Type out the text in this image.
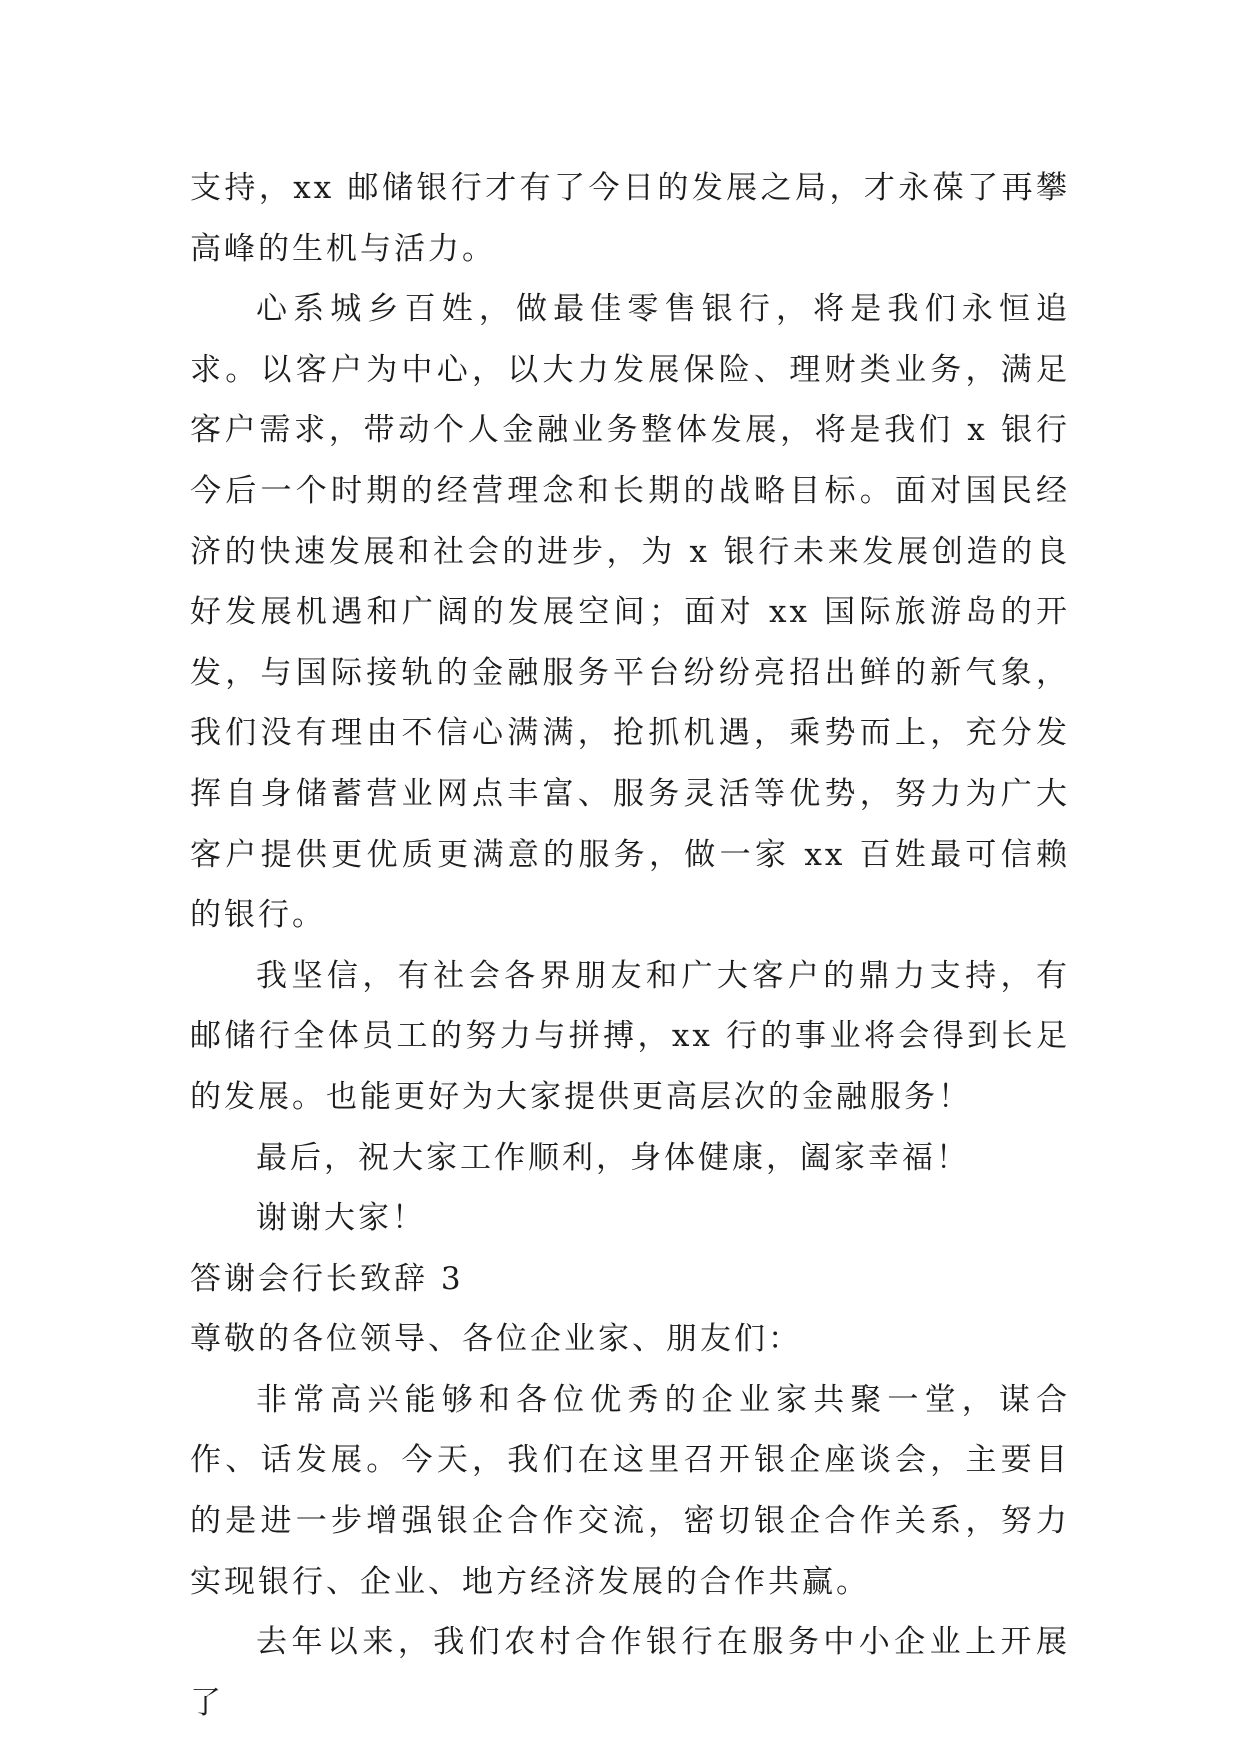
支持，xx 邮储银行才有了今日的发展之局，才永葆了再攀高峰的生机与活力。

心系城乡百姓，做最佳零售银行，将是我们永恒追求。以客户为中心，以大力发展保险、理财类业务，满足客户需求，带动个人金融业务整体发展，将是我们 x 银行今后一个时期的经营理念和长期的战略目标。面对国民经济的快速发展和社会的进步，为 x 银行未来发展创造的良好发展机遇和广阔的发展空间；面对 xx 国际旅游岛的开发，与国际接轨的金融服务平台纷纷亮招出鲜的新气象，我们没有理由不信心满满，抢抓机遇，乘势而上，充分发挥自身储蓄营业网点丰富、服务灵活等优势，努力为广大客户提供更优质更满意的服务，做一家 xx 百姓最可信赖的银行。

我坚信，有社会各界朋友和广大客户的鼎力支持，有邮储行全体员工的努力与拼搏，xx 行的事业将会得到长足的发展。也能更好为大家提供更高层次的金融服务！

最后，祝大家工作顺利，身体健康，阖家幸福！

谢谢大家！

答谢会行长致辞 3

尊敬的各位领导、各位企业家、朋友们：

非常高兴能够和各位优秀的企业家共聚一堂，谋合作、话发展。今天，我们在这里召开银企座谈会，主要目的是进一步增强银企合作交流，密切银企合作关系，努力实现银行、企业、地方经济发展的合作共赢。

去年以来，我们农村合作银行在服务中小企业上开展了
